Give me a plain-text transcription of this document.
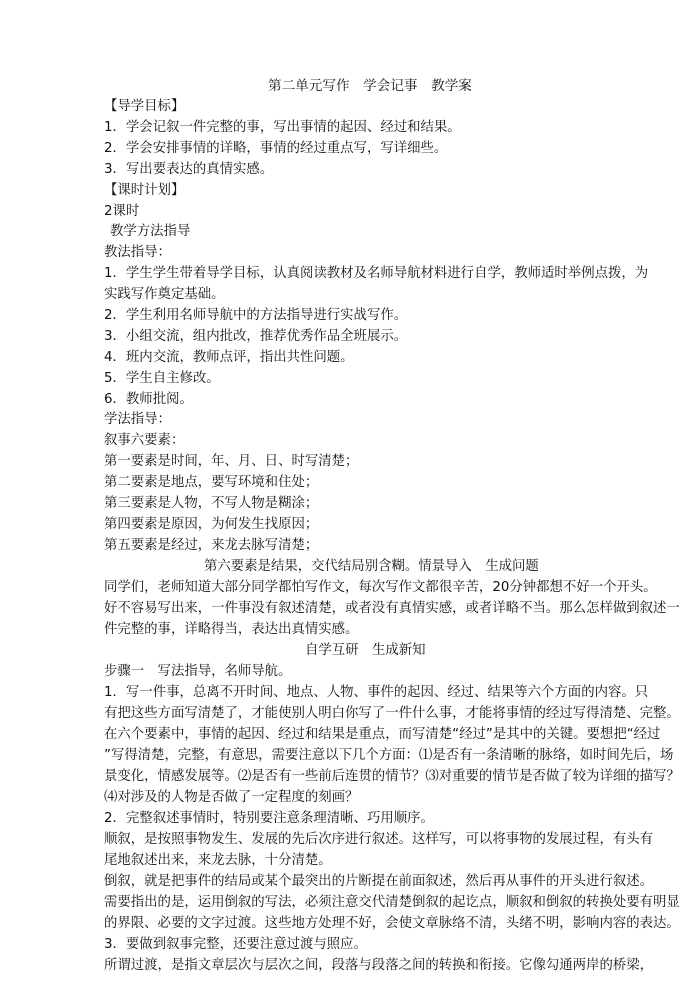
第二单元写作　学会记事　教学案

【导学目标】

1．学会记叙一件完整的事，写出事情的起因、经过和结果。

2．学会安排事情的详略，事情的经过重点写，写详细些。

3．写出要表达的真情实感。

【课时计划】

2课时

教学方法指导

教法指导：

1．学生学生带着导学目标，认真阅读教材及名师导航材料进行自学，教师适时举例点拨，为

实践写作奠定基础。

2．学生利用名师导航中的方法指导进行实战写作。

3．小组交流，组内批改，推荐优秀作品全班展示。

4．班内交流，教师点评，指出共性问题。

5．学生自主修改。

6．教师批阅。

学法指导：

叙事六要素：

第一要素是时间，年、月、日、时写清楚；

第二要素是地点，要写环境和住处；

第三要素是人物，不写人物是糊涂；

第四要素是原因，为何发生找原因；

第五要素是经过，来龙去脉写清楚；

第六要素是结果，交代结局别含糊。情景导入　生成问题

同学们，老师知道大部分同学都怕写作文，每次写作文都很辛苦，20分钟都想不好一个开头。

好不容易写出来，一件事没有叙述清楚，或者没有真情实感，或者详略不当。那么怎样做到叙述一

件完整的事，详略得当，表达出真情实感。

自学互研　生成新知

步骤一　写法指导，名师导航。

1．写一件事，总离不开时间、地点、人物、事件的起因、经过、结果等六个方面的内容。只

有把这些方面写清楚了，才能使别人明白你写了一件什么事，才能将事情的经过写得清楚、完整。

在六个要素中，事情的起因、经过和结果是重点，而写清楚“经过”是其中的关键。要想把“经过

”写得清楚，完整，有意思，需要注意以下几个方面：⑴是否有一条清晰的脉络，如时间先后，场

景变化，情感发展等。⑵是否有一些前后连贯的情节？⑶对重要的情节是否做了较为详细的描写？

⑷对涉及的人物是否做了一定程度的刻画？

2．完整叙述事情时，特别要注意条理清晰、巧用顺序。

顺叙，是按照事物发生、发展的先后次序进行叙述。这样写，可以将事物的发展过程，有头有

尾地叙述出来，来龙去脉，十分清楚。

倒叙，就是把事件的结局或某个最突出的片断提在前面叙述，然后再从事件的开头进行叙述。

需要指出的是，运用倒叙的写法，必须注意交代清楚倒叙的起讫点，顺叙和倒叙的转换处要有明显

的界限、必要的文字过渡。这些地方处理不好，会使文章脉络不清，头绪不明，影响内容的表达。

3．要做到叙事完整，还要注意过渡与照应。

所谓过渡，是指文章层次与层次之间，段落与段落之间的转换和衔接。它像勾通两岸的桥梁，
